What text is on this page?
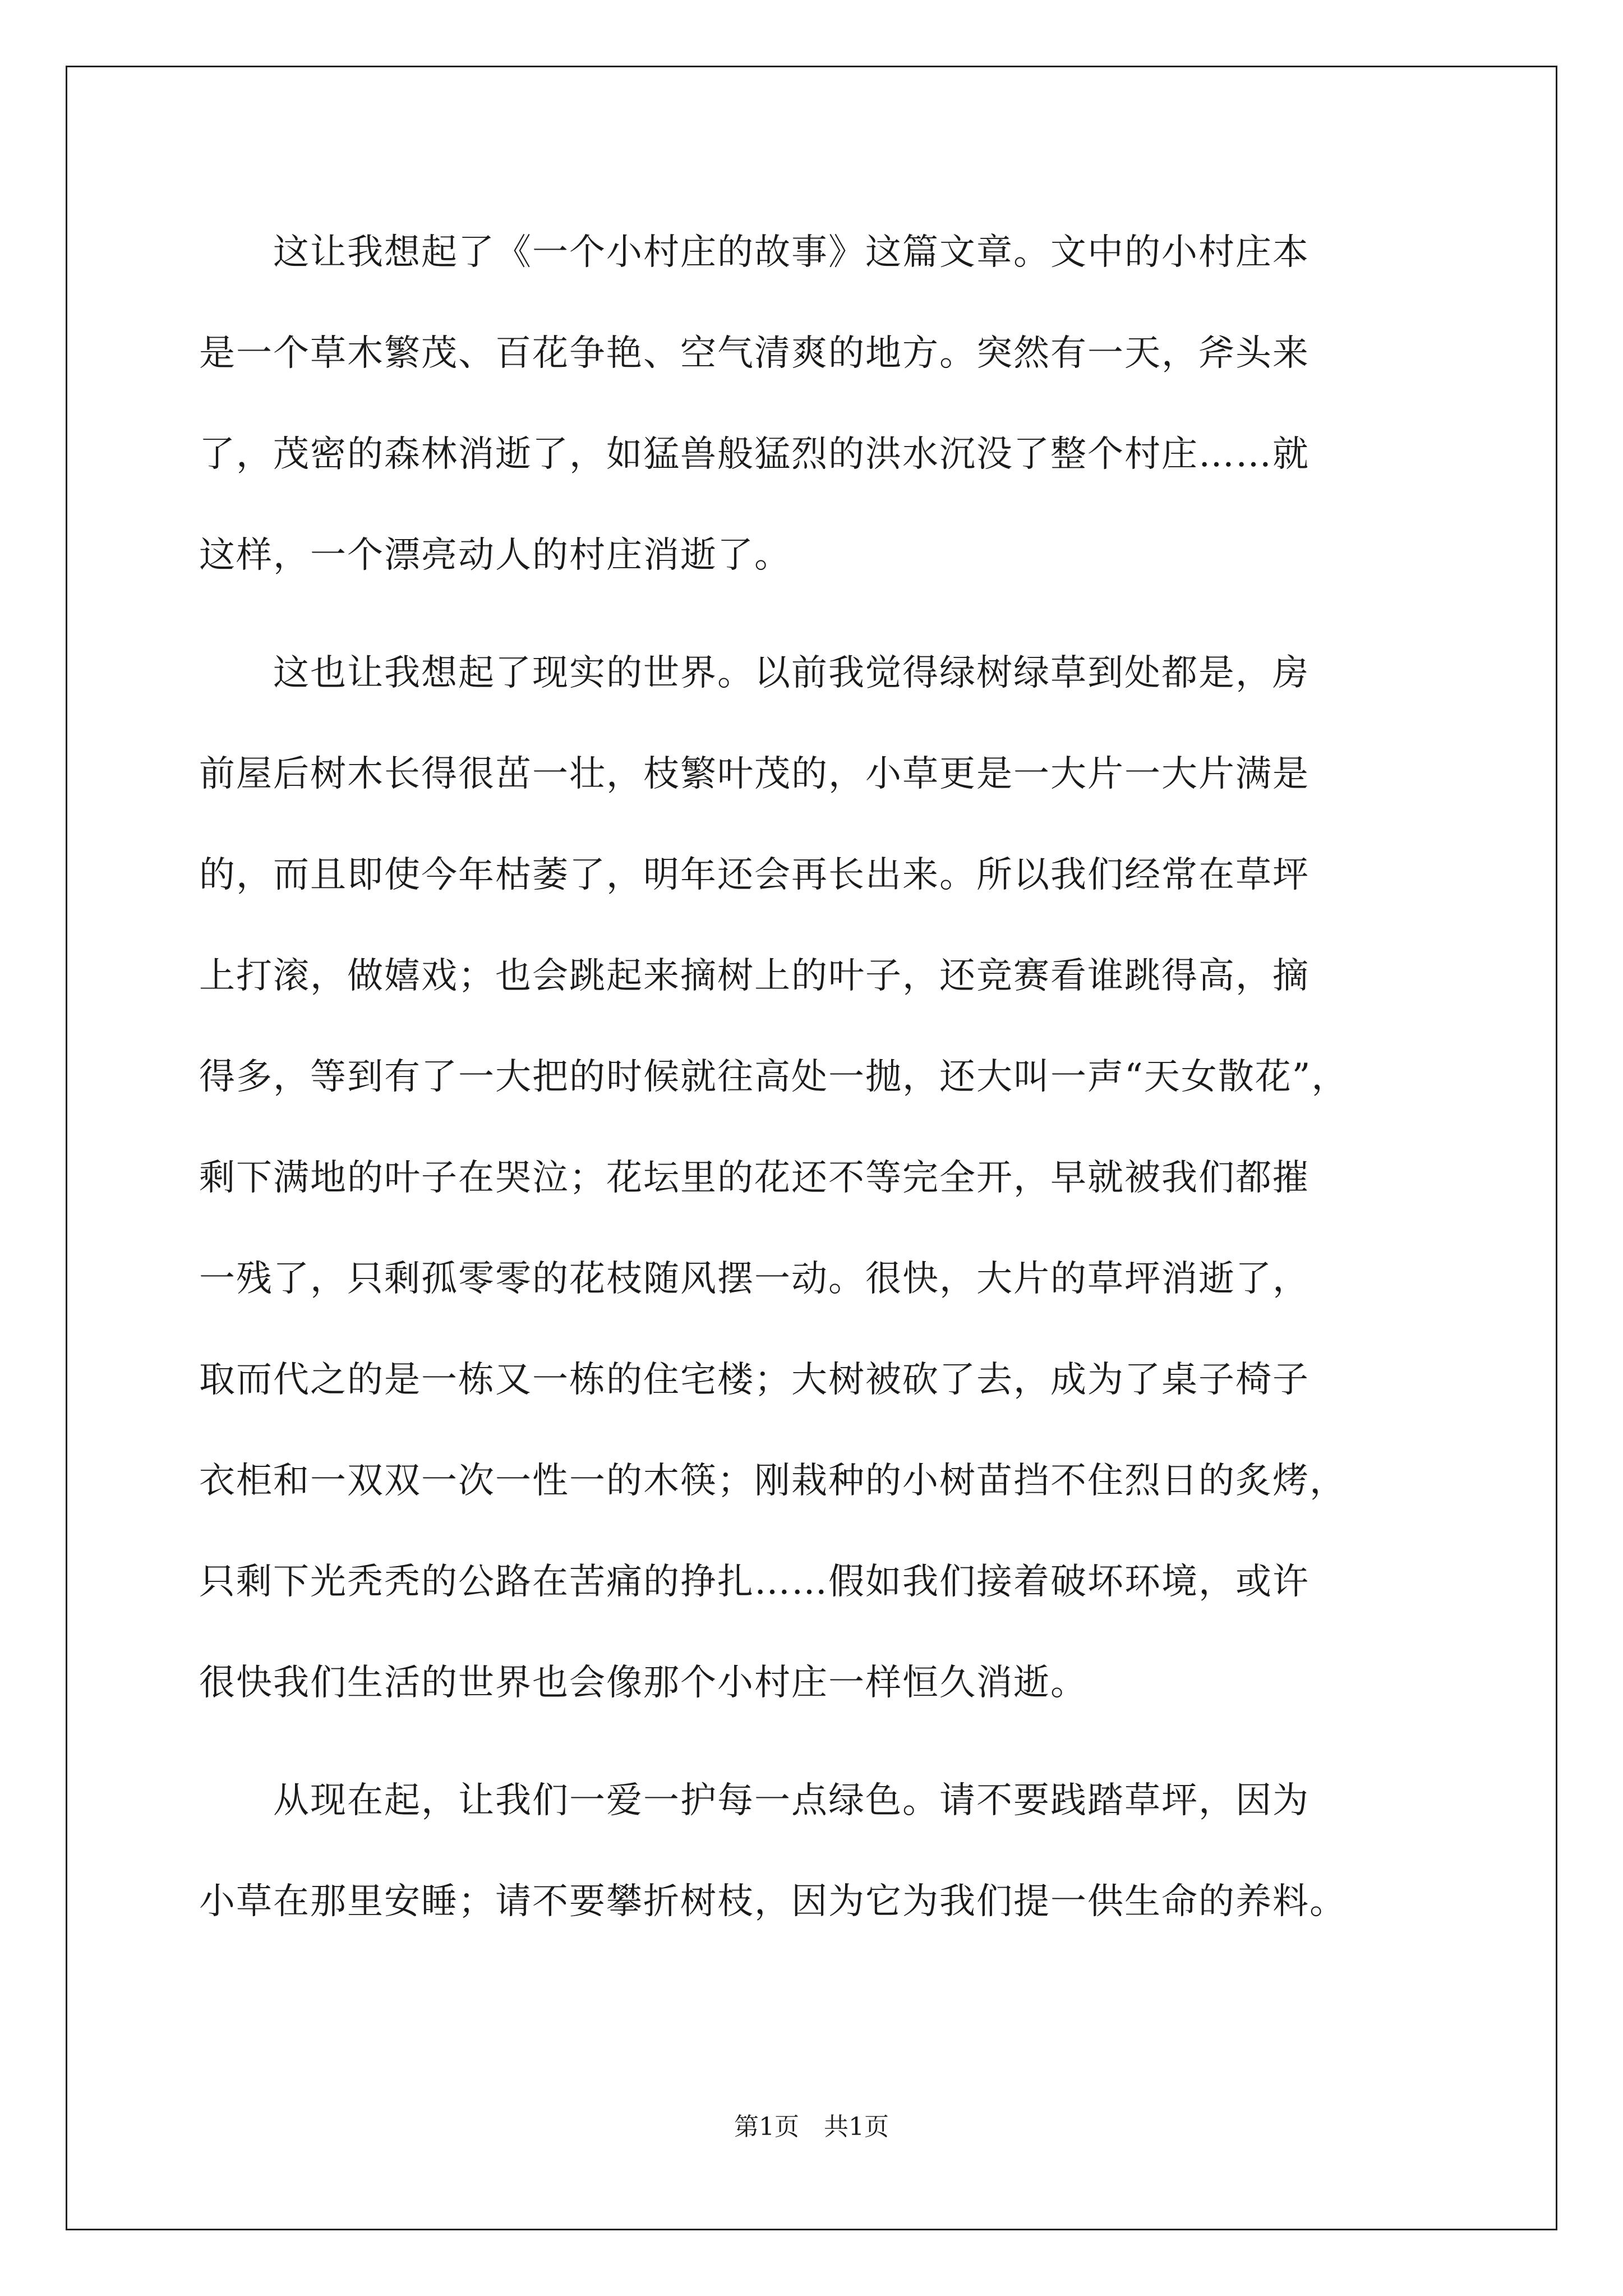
　　这让我想起了《一个小村庄的故事》这篇文章。文中的小村庄本
是一个草木繁茂、百花争艳、空气清爽的地方。突然有一天，斧头来
了，茂密的森林消逝了，如猛兽般猛烈的洪水沉没了整个村庄……就
这样，一个漂亮动人的村庄消逝了。
　　这也让我想起了现实的世界。以前我觉得绿树绿草到处都是，房
前屋后树木长得很茁一壮，枝繁叶茂的，小草更是一大片一大片满是
的，而且即使今年枯萎了，明年还会再长出来。所以我们经常在草坪
上打滚，做嬉戏；也会跳起来摘树上的叶子，还竞赛看谁跳得高，摘
得多，等到有了一大把的时候就往高处一抛，还大叫一声“天女散花”，
剩下满地的叶子在哭泣；花坛里的花还不等完全开，早就被我们都摧
一残了，只剩孤零零的花枝随风摆一动。很快，大片的草坪消逝了，
取而代之的是一栋又一栋的住宅楼；大树被砍了去，成为了桌子椅子
衣柜和一双双一次一性一的木筷；刚栽种的小树苗挡不住烈日的炙烤，
只剩下光秃秃的公路在苦痛的挣扎……假如我们接着破坏环境，或许
很快我们生活的世界也会像那个小村庄一样恒久消逝。
　　从现在起，让我们一爱一护每一点绿色。请不要践踏草坪，因为
小草在那里安睡；请不要攀折树枝，因为它为我们提一供生命的养料。
第1页　共1页
